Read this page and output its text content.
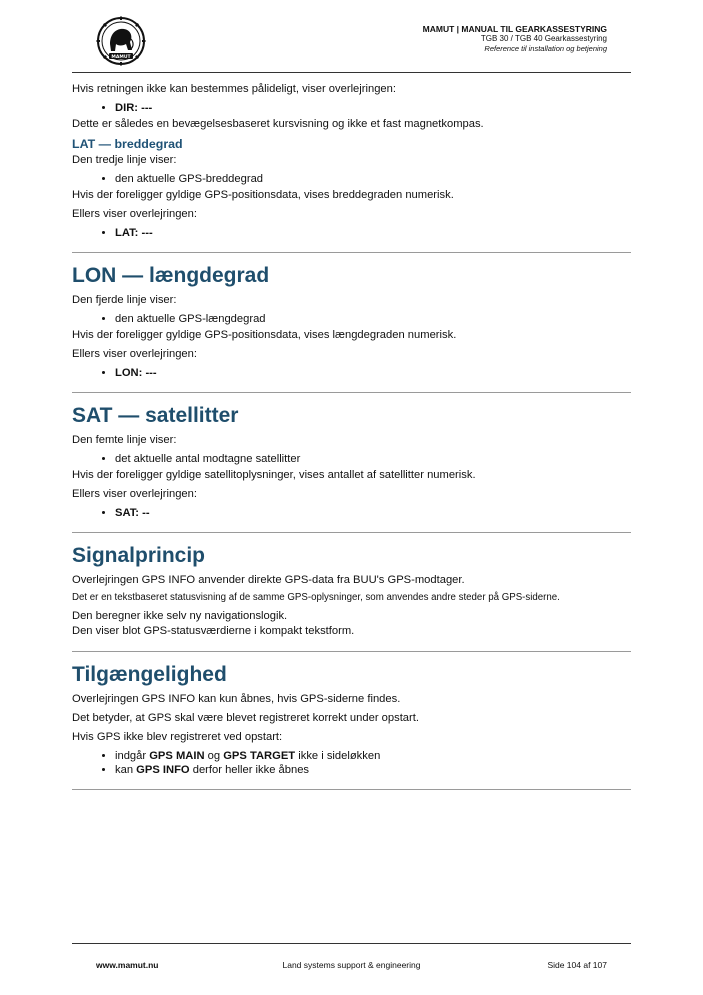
MAMUT
MAMUT | MANUAL TIL GEARKASSESTYRING
TGB 30 / TGB 40 Gearkassestyring
Reference til installation og betjening

Hvis retningen ikke kan bestemmes pålideligt, viser overlejringen:

• DIR: ---

Dette er således en bevægelsesbaseret kursvisning og ikke et fast magnetkompas.

LAT — breddegrad

Den tredje linje viser:

• den aktuelle GPS-breddegrad

Hvis der foreligger gyldige GPS-positionsdata, vises breddegraden numerisk.

Ellers viser overlejringen:

• LAT: ---
LON — længdegrad

Den fjerde linje viser:

• den aktuelle GPS-længdegrad

Hvis der foreligger gyldige GPS-positionsdata, vises længdegraden numerisk.

Ellers viser overlejringen:

• LON: ---
SAT — satellitter

Den femte linje viser:

• det aktuelle antal modtagne satellitter

Hvis der foreligger gyldige satellitoplysninger, vises antallet af satellitter numerisk.

Ellers viser overlejringen:

• SAT: --
Signalprincip

Overlejringen GPS INFO anvender direkte GPS-data fra BUU's GPS-modtager.

Det er en tekstbaseret statusvisning af de samme GPS-oplysninger, som anvendes andre steder på GPS-siderne.

Den beregner ikke selv ny navigationslogik.

Den viser blot GPS-statusværdierne i kompakt tekstform.

Tilgængelighed

Overlejringen GPS INFO kan kun åbnes, hvis GPS-siderne findes.

Det betyder, at GPS skal være blevet registreret korrekt under opstart.

Hvis GPS ikke blev registreret ved opstart:

• indgår GPS MAIN og GPS TARGET ikke i sideløkken
• kan GPS INFO derfor heller ikke åbnes
www.mamut.nu	Land systems support & engineering	Side 104 af 107
